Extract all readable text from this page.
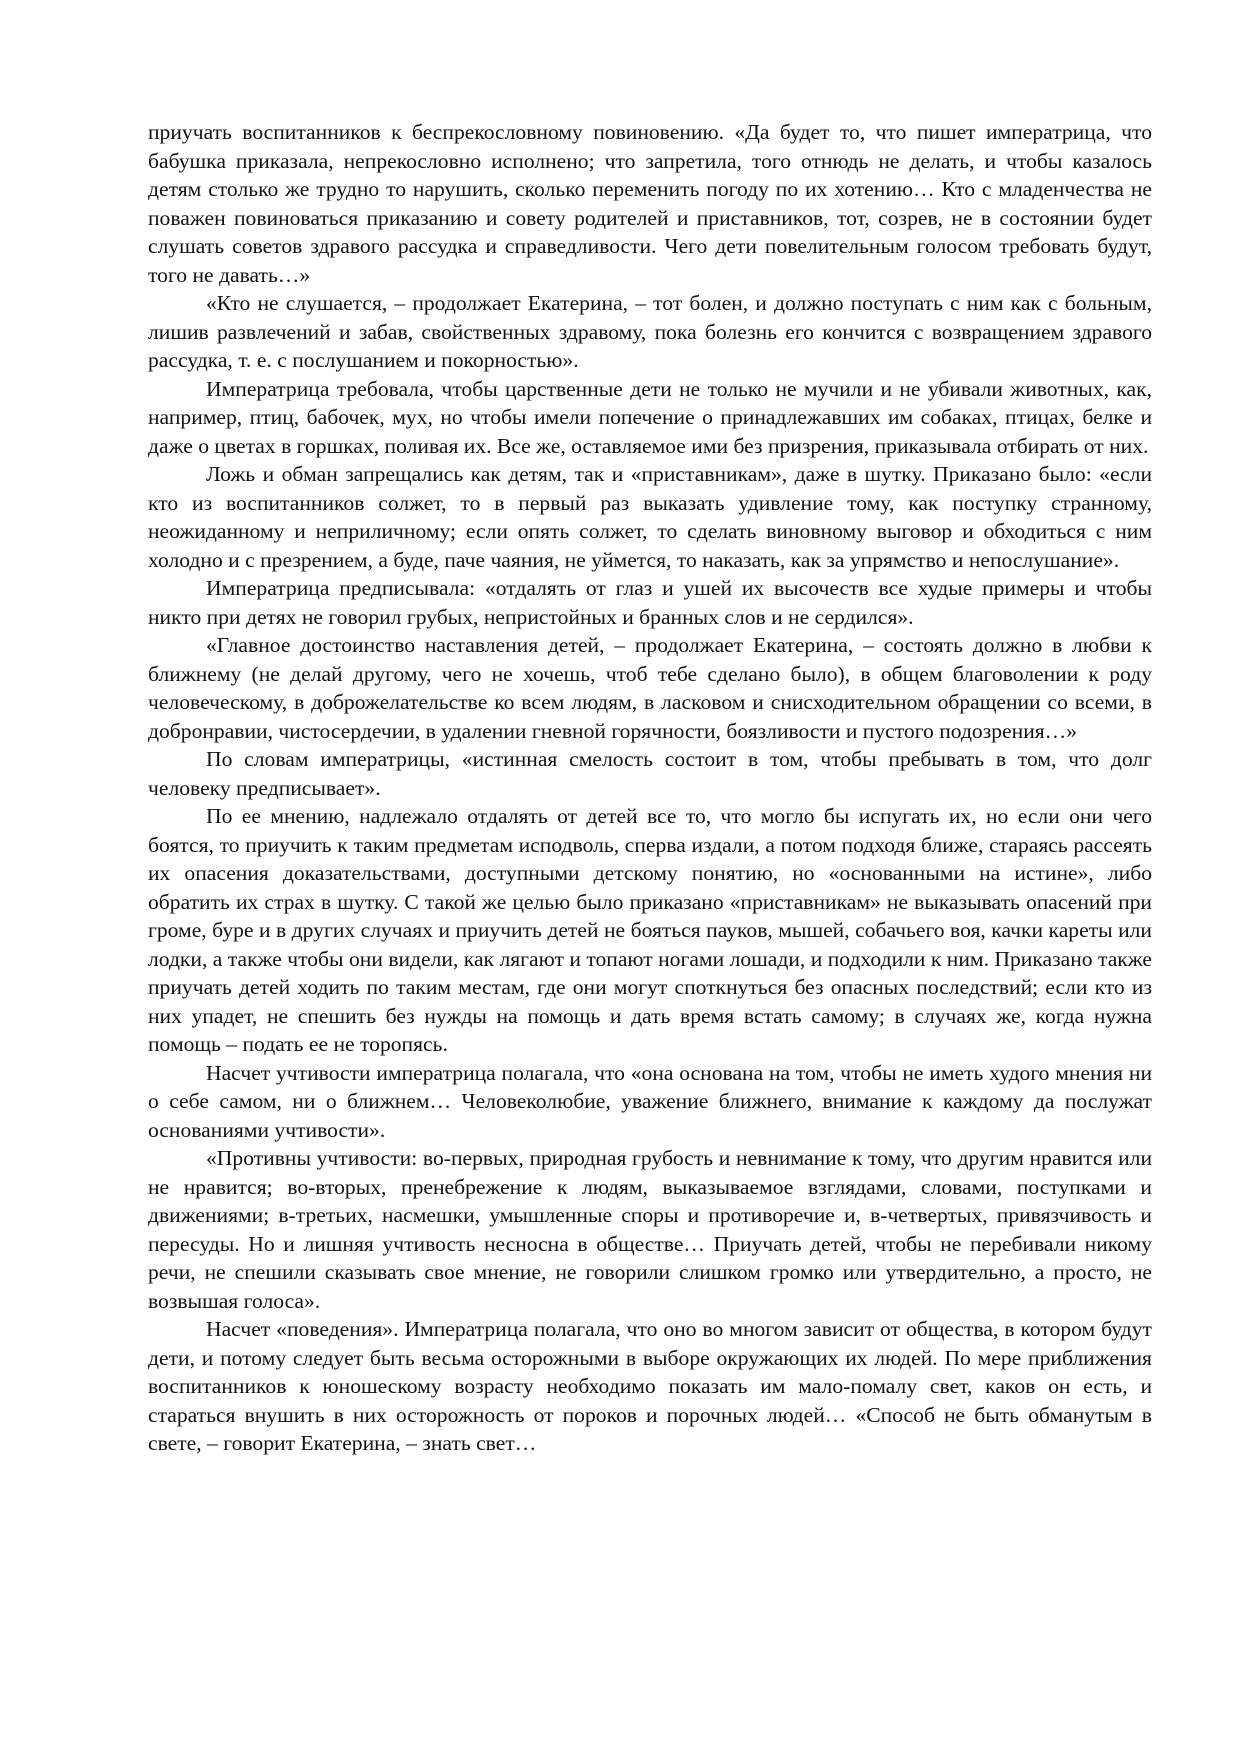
приучать воспитанников к беспрекословному повиновению. «Да будет то, что пишет императрица, что бабушка приказала, непрекословно исполнено; что запретила, того отнюдь не делать, и чтобы казалось детям столько же трудно то нарушить, сколько переменить погоду по их хотению… Кто с младенчества не поважен повиноваться приказанию и совету родителей и приставников, тот, созрев, не в состоянии будет слушать советов здравого рассудка и справедливости. Чего дети повелительным голосом требовать будут, того не давать…»

«Кто не слушается, – продолжает Екатерина, – тот болен, и должно поступать с ним как с больным, лишив развлечений и забав, свойственных здравому, пока болезнь его кончится с возвращением здравого рассудка, т. е. с послушанием и покорностью».

Императрица требовала, чтобы царственные дети не только не мучили и не убивали животных, как, например, птиц, бабочек, мух, но чтобы имели попечение о принадлежавших им собаках, птицах, белке и даже о цветах в горшках, поливая их. Все же, оставляемое ими без призрения, приказывала отбирать от них.

Ложь и обман запрещались как детям, так и «приставникам», даже в шутку. Приказано было: «если кто из воспитанников солжет, то в первый раз выказать удивление тому, как поступку странному, неожиданному и неприличному; если опять солжет, то сделать виновному выговор и обходиться с ним холодно и с презрением, а буде, паче чаяния, не уймется, то наказать, как за упрямство и непослушание».

Императрица предписывала: «отдалять от глаз и ушей их высочеств все худые примеры и чтобы никто при детях не говорил грубых, непристойных и бранных слов и не сердился».

«Главное достоинство наставления детей, – продолжает Екатерина, – состоять должно в любви к ближнему (не делай другому, чего не хочешь, чтоб тебе сделано было), в общем благоволении к роду человеческому, в доброжелательстве ко всем людям, в ласковом и снисходительном обращении со всеми, в добронравии, чистосердечии, в удалении гневной горячности, боязливости и пустого подозрения…»

По словам императрицы, «истинная смелость состоит в том, чтобы пребывать в том, что долг человеку предписывает».

По ее мнению, надлежало отдалять от детей все то, что могло бы испугать их, но если они чего боятся, то приучить к таким предметам исподволь, сперва издали, а потом подходя ближе, стараясь рассеять их опасения доказательствами, доступными детскому понятию, но «основанными на истине», либо обратить их страх в шутку. С такой же целью было приказано «приставникам» не выказывать опасений при громе, буре и в других случаях и приучить детей не бояться пауков, мышей, собачьего воя, качки кареты или лодки, а также чтобы они видели, как лягают и топают ногами лошади, и подходили к ним. Приказано также приучать детей ходить по таким местам, где они могут споткнуться без опасных последствий; если кто из них упадет, не спешить без нужды на помощь и дать время встать самому; в случаях же, когда нужна помощь – подать ее не торопясь.

Насчет учтивости императрица полагала, что «она основана на том, чтобы не иметь худого мнения ни о себе самом, ни о ближнем… Человеколюбие, уважение ближнего, внимание к каждому да послужат основаниями учтивости».

«Противны учтивости: во-первых, природная грубость и невнимание к тому, что другим нравится или не нравится; во-вторых, пренебрежение к людям, выказываемое взглядами, словами, поступками и движениями; в-третьих, насмешки, умышленные споры и противоречие и, в-четвертых, привязчивость и пересуды. Но и лишняя учтивость несносна в обществе… Приучать детей, чтобы не перебивали никому речи, не спешили сказывать свое мнение, не говорили слишком громко или утвердительно, а просто, не возвышая голоса».

Насчет «поведения». Императрица полагала, что оно во многом зависит от общества, в котором будут дети, и потому следует быть весьма осторожными в выборе окружающих их людей. По мере приближения воспитанников к юношескому возрасту необходимо показать им мало-помалу свет, каков он есть, и стараться внушить в них осторожность от пороков и порочных людей… «Способ не быть обманутым в свете, – говорит Екатерина, – знать свет…
